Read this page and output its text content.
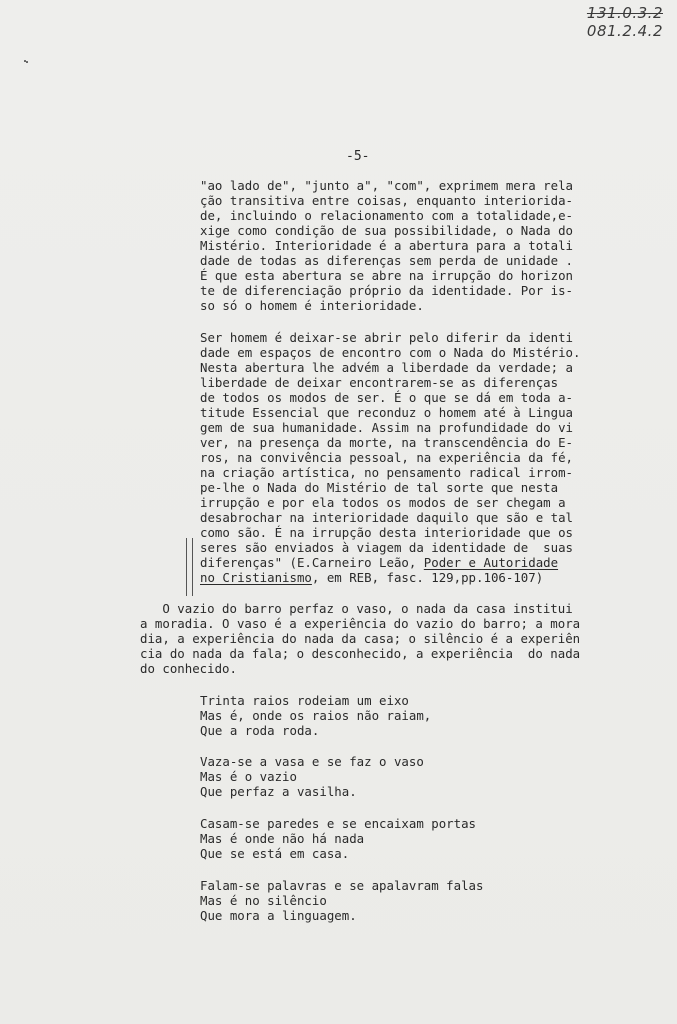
131.0.3.2
081.2.4.2
-5-

"ao lado de", "junto a", "com", exprimem mera rela

ção transitiva entre coisas, enquanto interiorida-

de, incluindo o relacionamento com a totalidade,e-

xige como condição de sua possibilidade, o Nada do

Mistério. Interioridade é a abertura para a totali

dade de todas as diferenças sem perda de unidade .

É que esta abertura se abre na irrupção do horizon

te de diferenciação próprio da identidade. Por is-

so só o homem é interioridade.

Ser homem é deixar-se abrir pelo diferir da identi

dade em espaços de encontro com o Nada do Mistério.

Nesta abertura lhe advém a liberdade da verdade; a

liberdade de deixar encontrarem-se as diferenças

de todos os modos de ser. É o que se dá em toda a-

titude Essencial que reconduz o homem até à Lingua

gem de sua humanidade. Assim na profundidade do vi

ver, na presença da morte, na transcendência do E-

ros, na convivência pessoal, na experiência da fé,

na criação artística, no pensamento radical irrom-

pe-lhe o Nada do Mistério de tal sorte que nesta

irrupção e por ela todos os modos de ser chegam a

desabrochar na interioridade daquilo que são e tal

como são. É na irrupção desta interioridade que os

seres são enviados à viagem da identidade de  suas

diferenças" (E.Carneiro Leão, Poder e Autoridade

no Cristianismo, em REB, fasc. 129,pp.106-107)

O vazio do barro perfaz o vaso, o nada da casa institui

a moradia. O vaso é a experiência do vazio do barro; a mora

dia, a experiência do nada da casa; o silêncio é a experiên

cia do nada da fala; o desconhecido, a experiência  do nada

do conhecido.

Trinta raios rodeiam um eixo

Mas é, onde os raios não raiam,

Que a roda roda.

Vaza-se a vasa e se faz o vaso

Mas é o vazio

Que perfaz a vasilha.

Casam-se paredes e se encaixam portas

Mas é onde não há nada

Que se está em casa.

Falam-se palavras e se apalavram falas

Mas é no silêncio

Que mora a linguagem.
